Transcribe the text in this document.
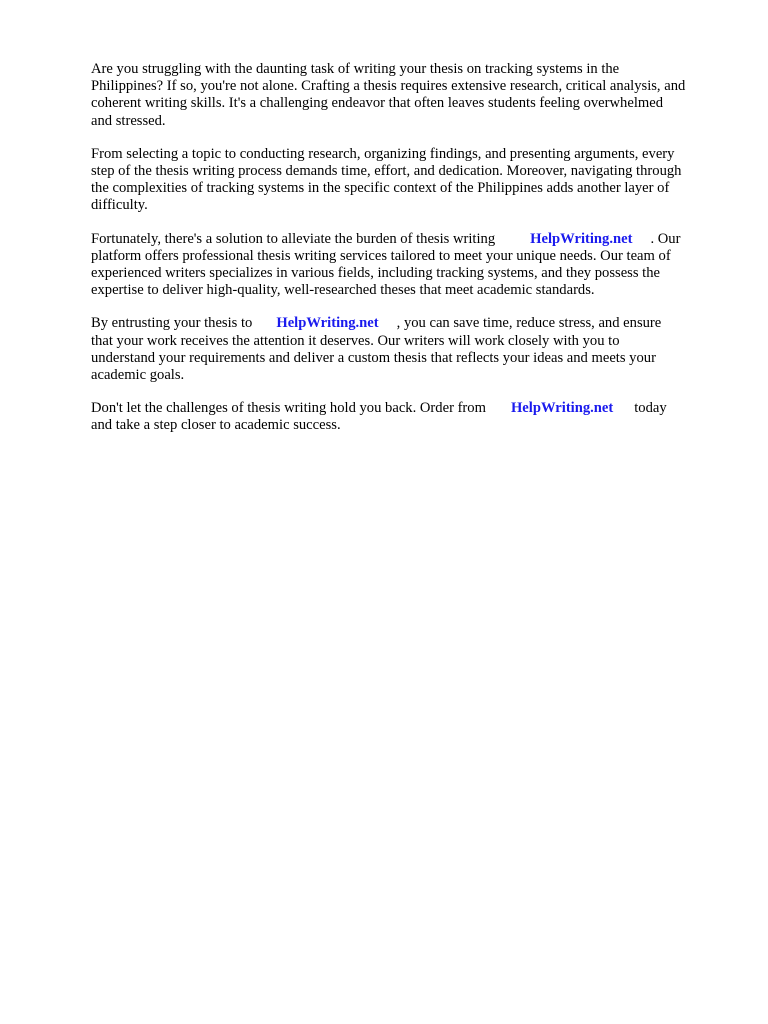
Are you struggling with the daunting task of writing your thesis on tracking systems in the
Philippines? If so, you're not alone. Crafting a thesis requires extensive research, critical analysis, and
coherent writing skills. It's a challenging endeavor that often leaves students feeling overwhelmed
and stressed.

From selecting a topic to conducting research, organizing findings, and presenting arguments, every
step of the thesis writing process demands time, effort, and dedication. Moreover, navigating through
the complexities of tracking systems in the specific context of the Philippines adds another layer of
difficulty.

Fortunately, there's a solution to alleviate the burden of thesis writing HelpWriting.net . Our
platform offers professional thesis writing services tailored to meet your unique needs. Our team of
experienced writers specializes in various fields, including tracking systems, and they possess the
expertise to deliver high-quality, well-researched theses that meet academic standards.

By entrusting your thesis to HelpWriting.net , you can save time, reduce stress, and ensure
that your work receives the attention it deserves. Our writers will work closely with you to
understand your requirements and deliver a custom thesis that reflects your ideas and meets your
academic goals.

Don't let the challenges of thesis writing hold you back. Order from HelpWriting.net today
and take a step closer to academic success.
